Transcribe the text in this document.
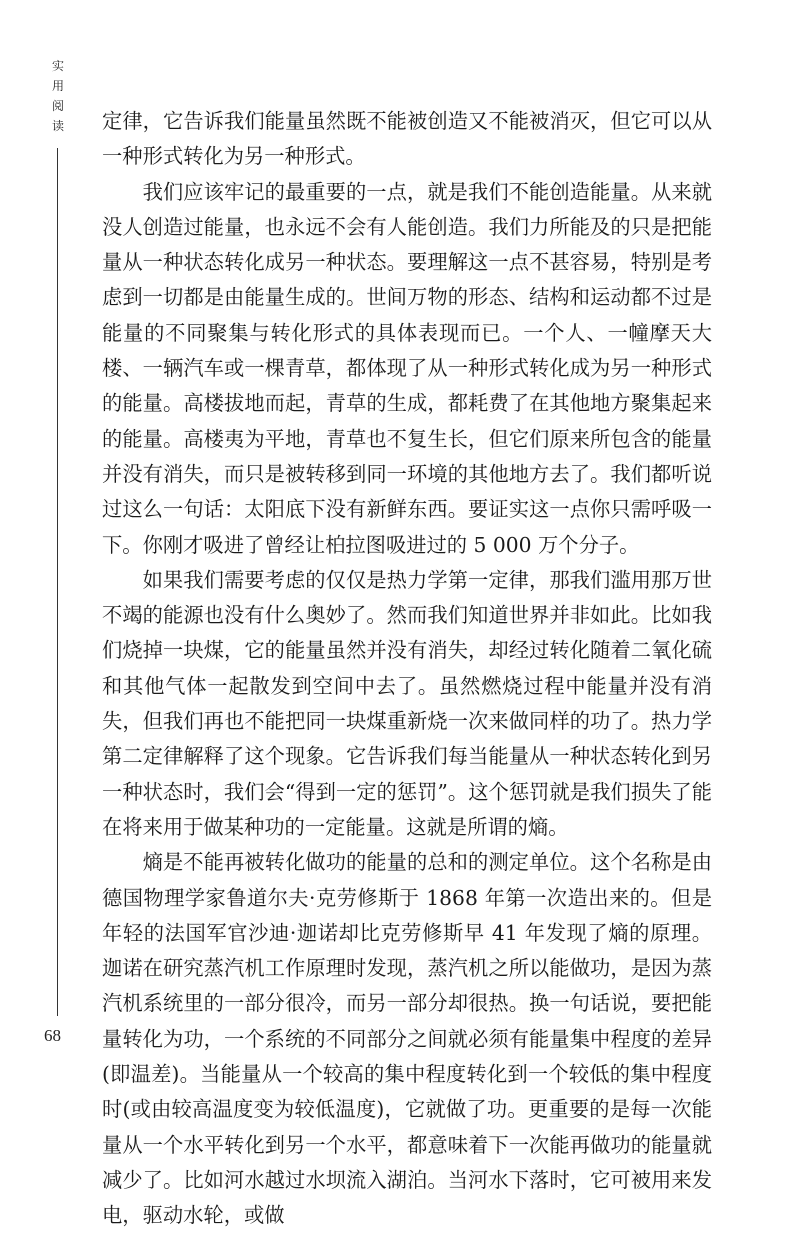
实
用
阅
读 定律，它告诉我们能量虽然既不能被创造又不能被消灭，但它可以从一种形式转化为另一种形式。

我们应该牢记的最重要的一点，就是我们不能创造能量。从来就没人创造过能量，也永远不会有人能创造。我们力所能及的只是把能量从一种状态转化成另一种状态。要理解这一点不甚容易，特别是考虑到一切都是由能量生成的。世间万物的形态、结构和运动都不过是能量的不同聚集与转化形式的具体表现而已。一个人、一幢摩天大楼、一辆汽车或一棵青草，都体现了从一种形式转化成为另一种形式的能量。高楼拔地而起，青草的生成，都耗费了在其他地方聚集起来的能量。高楼夷为平地，青草也不复生长，但它们原来所包含的能量并没有消失，而只是被转移到同一环境的其他地方去了。我们都听说过这么一句话：太阳底下没有新鲜东西。要证实这一点你只需呼吸一下。你刚才吸进了曾经让柏拉图吸进过的 5 000 万个分子。

如果我们需要考虑的仅仅是热力学第一定律，那我们滥用那万世不竭的能源也没有什么奥妙了。然而我们知道世界并非如此。比如我们烧掉一块煤，它的能量虽然并没有消失，却经过转化随着二氧化硫和其他气体一起散发到空间中去了。虽然燃烧过程中能量并没有消失，但我们再也不能把同一块煤重新烧一次来做同样的功了。热力学第二定律解释了这个现象。它告诉我们每当能量从一种状态转化到另一种状态时，我们会“得到一定的惩罚”。这个惩罚就是我们损失了能在将来用于做某种功的一定能量。这就是所谓的熵。

熵是不能再被转化做功的能量的总和的测定单位。这个名称是由德国物理学家鲁道尔夫·克劳修斯于 1868 年第一次造出来的。但是年轻的法国军官沙迪·迦诺却比克劳修斯早 41 年发现了熵的原理。迦诺在研究蒸汽机工作原理时发现，蒸汽机之所以能做功，是因为蒸汽机系统里的一部分很冷，而另一部分却很热。换一句话说，要把能量转化为功，一个系统的不同部分之间就必须有能量集中程度的差异(即温差)。当能量从一个较高的集中程度转化到一个较低的集中程度时(或由较高温度变为较低温度)，它就做了功。更重要的是每一次能量从一个水平转化到另一个水平，都意味着下一次能再做功的能量就减少了。比如河水越过水坝流入湖泊。当河水下落时，它可被用来发电，驱动水轮，或做

68
